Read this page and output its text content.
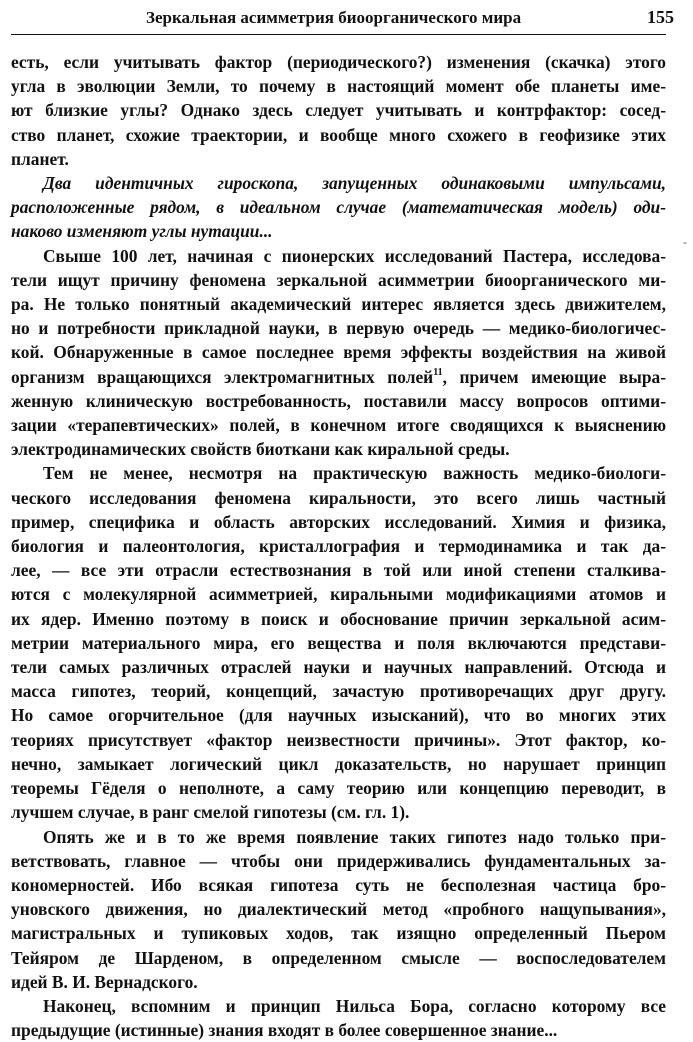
Зеркальная асимметрия биоорганического мира	155
-
есть, если учитывать фактор (периодического?) изменения (скачка) этого
угла в эволюции Земли, то почему в настоящий момент обе планеты име-
ют близкие углы? Однако здесь следует учитывать и контрфактор: сосед-
ство планет, схожие траектории, и вообще много схожего в геофизике этих
планет.
Два идентичных гироскопа, запущенных одинаковыми импульсами,
расположенные рядом, в идеальном случае (математическая модель) оди-
наково изменяют углы нутации...
Свыше 100 лет, начиная с пионерских исследований Пастера, исследова-
тели ищут причину феномена зеркальной асимметрии биоорганического ми-
ра. Не только понятный академический интерес является здесь движителем,
но и потребности прикладной науки, в первую очередь — медико-биологичес-
кой. Обнаруженные в самое последнее время эффекты воздействия на живой
организм вращающихся электромагнитных полей$^{11}$, причем имеющие выра-
женную клиническую востребованность, поставили массу вопросов оптими-
зации «терапевтических» полей, в конечном итоге сводящихся к выяснению
электродинамических свойств биоткани как киральной среды.
Тем не менее, несмотря на практическую важность медико-биологи-
ческого исследования феномена киральности, это всего лишь частный
пример, специфика и область авторских исследований. Химия и физика,
биология и палеонтология, кристаллография и термодинамика и так да-
лее, — все эти отрасли естествознания в той или иной степени сталкива-
ются с молекулярной асимметрией, киральными модификациями атомов и
их ядер. Именно поэтому в поиск и обоснование причин зеркальной асим-
метрии материального мира, его вещества и поля включаются представи-
тели самых различных отраслей науки и научных направлений. Отсюда и
масса гипотез, теорий, концепций, зачастую противоречащих друг другу.
Но самое огорчительное (для научных изысканий), что во многих этих
теориях присутствует «фактор неизвестности причины». Этот фактор, ко-
нечно, замыкает логический цикл доказательств, но нарушает принцип
теоремы Гёделя о неполноте, а саму теорию или концепцию переводит, в
лучшем случае, в ранг смелой гипотезы (см. гл. 1).
Опять же и в то же время появление таких гипотез надо только при-
ветствовать, главное — чтобы они придерживались фундаментальных за-
кономерностей. Ибо всякая гипотеза суть не бесполезная частица бро-
уновского движения, но диалектический метод «пробного нащупывания»,
магистральных и тупиковых ходов, так изящно определенный Пьером
Тейяром де Шарденом, в определенном смысле — воспоследователем
идей В. И. Вернадского.
Наконец, вспомним и принцип Нильса Бора, согласно которому все
предыдущие (истинные) знания входят в более совершенное знание...
